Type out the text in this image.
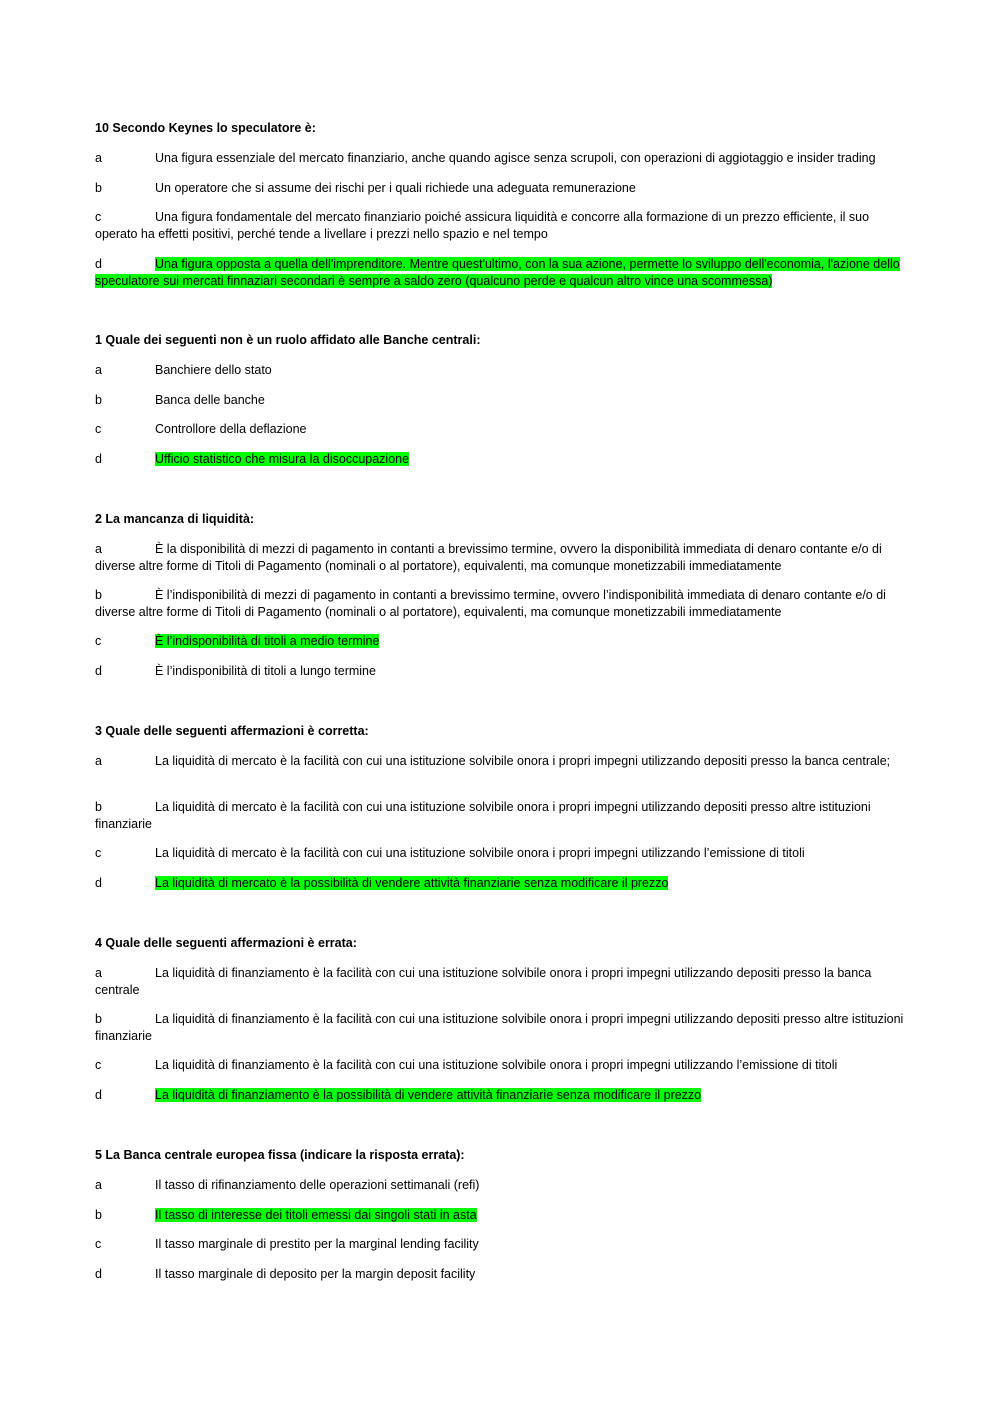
10 Secondo Keynes lo speculatore è:

a	Una figura essenziale del mercato finanziario, anche quando agisce senza scrupoli, con operazioni di aggiotaggio e insider trading
b	Un operatore che si assume dei rischi per i quali richiede una adeguata remunerazione
c	Una figura fondamentale del mercato finanziario poiché assicura liquidità e concorre alla formazione di un prezzo efficiente, il suo operato ha effetti positivi, perché tende a livellare i prezzi nello spazio e nel tempo
d	Una figura opposta a quella dell'imprenditore. Mentre quest'ultimo, con la sua azione, permette lo sviluppo dell'economia, l'azione dello speculatore sui mercati finnaziari secondari è sempre a saldo zero (qualcuno perde e qualcun altro vince una scommessa)

1 Quale dei seguenti non è un ruolo affidato alle Banche centrali:

a	Banchiere dello stato
b	Banca delle banche
c	Controllore della deflazione
d	Ufficio statistico che misura la disoccupazione

2 La mancanza di liquidità:

a	È la disponibilità di mezzi di pagamento in contanti a brevissimo termine, ovvero la disponibilità immediata di denaro contante e/o di diverse altre forme di Titoli di Pagamento (nominali o al portatore), equivalenti, ma comunque monetizzabili immediatamente
b	È l’indisponibilità di mezzi di pagamento in contanti a brevissimo termine, ovvero l’indisponibilità immediata di denaro contante e/o di diverse altre forme di Titoli di Pagamento (nominali o al portatore), equivalenti, ma comunque monetizzabili immediatamente
c	È l’indisponibilità di titoli a medio termine
d	È l’indisponibilità di titoli a lungo termine

3 Quale delle seguenti affermazioni è corretta:

a	La liquidità di mercato è la facilità con cui una istituzione solvibile onora i propri impegni utilizzando depositi presso la banca centrale;
b	La liquidità di mercato è la facilità con cui una istituzione solvibile onora i propri impegni utilizzando depositi presso altre istituzioni finanziarie
c	La liquidità di mercato è la facilità con cui una istituzione solvibile onora i propri impegni utilizzando l’emissione di titoli
d	La liquidità di mercato è la possibilità di vendere attività finanziarie senza modificare il prezzo

4 Quale delle seguenti affermazioni è errata:

a	La liquidità di finanziamento è la facilità con cui una istituzione solvibile onora i propri impegni utilizzando depositi presso la banca centrale
b	La liquidità di finanziamento è la facilità con cui una istituzione solvibile onora i propri impegni utilizzando depositi presso altre istituzioni finanziarie
c	La liquidità di finanziamento è la facilità con cui una istituzione solvibile onora i propri impegni utilizzando l’emissione di titoli
d	La liquidità di finanziamento è la possibilità di vendere attività finanziarie senza modificare il prezzo

5 La Banca centrale europea fissa (indicare la risposta errata):

a	Il tasso di rifinanziamento delle operazioni settimanali (refi)
b	Il tasso di interesse dei titoli emessi dai singoli stati in asta
c	Il tasso marginale di prestito per la marginal lending facility
d	Il tasso marginale di deposito per la margin deposit facility
